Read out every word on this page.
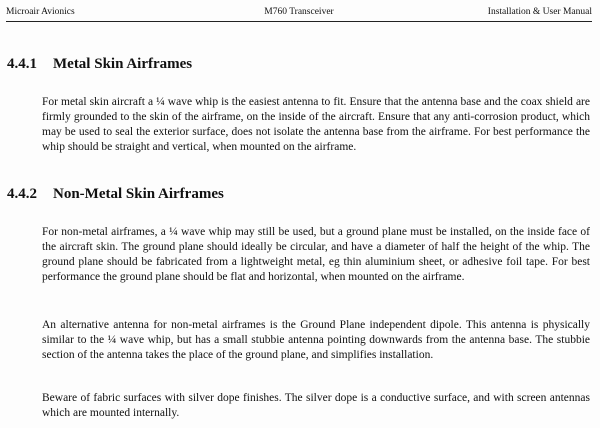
Microair Avionics	M760 Transceiver	Installation & User Manual
4.4.1 Metal Skin Airframes

For metal skin aircraft a ¼ wave whip is the easiest antenna to fit. Ensure that the antenna base and the coax shield are firmly grounded to the skin of the airframe, on the inside of the aircraft. Ensure that any anti-corrosion product, which may be used to seal the exterior surface, does not isolate the antenna base from the airframe. For best performance the whip should be straight and vertical, when mounted on the airframe.

4.4.2 Non-Metal Skin Airframes

For non-metal airframes, a ¼ wave whip may still be used, but a ground plane must be installed, on the inside face of the aircraft skin. The ground plane should ideally be circular, and have a diameter of half the height of the whip. The ground plane should be fabricated from a lightweight metal, eg thin aluminium sheet, or adhesive foil tape. For best performance the ground plane should be flat and horizontal, when mounted on the airframe.

An alternative antenna for non-metal airframes is the Ground Plane independent dipole. This antenna is physically similar to the ¼ wave whip, but has a small stubbie antenna pointing downwards from the antenna base. The stubbie section of the antenna takes the place of the ground plane, and simplifies installation.

Beware of fabric surfaces with silver dope finishes. The silver dope is a conductive surface, and with screen antennas which are mounted internally.
